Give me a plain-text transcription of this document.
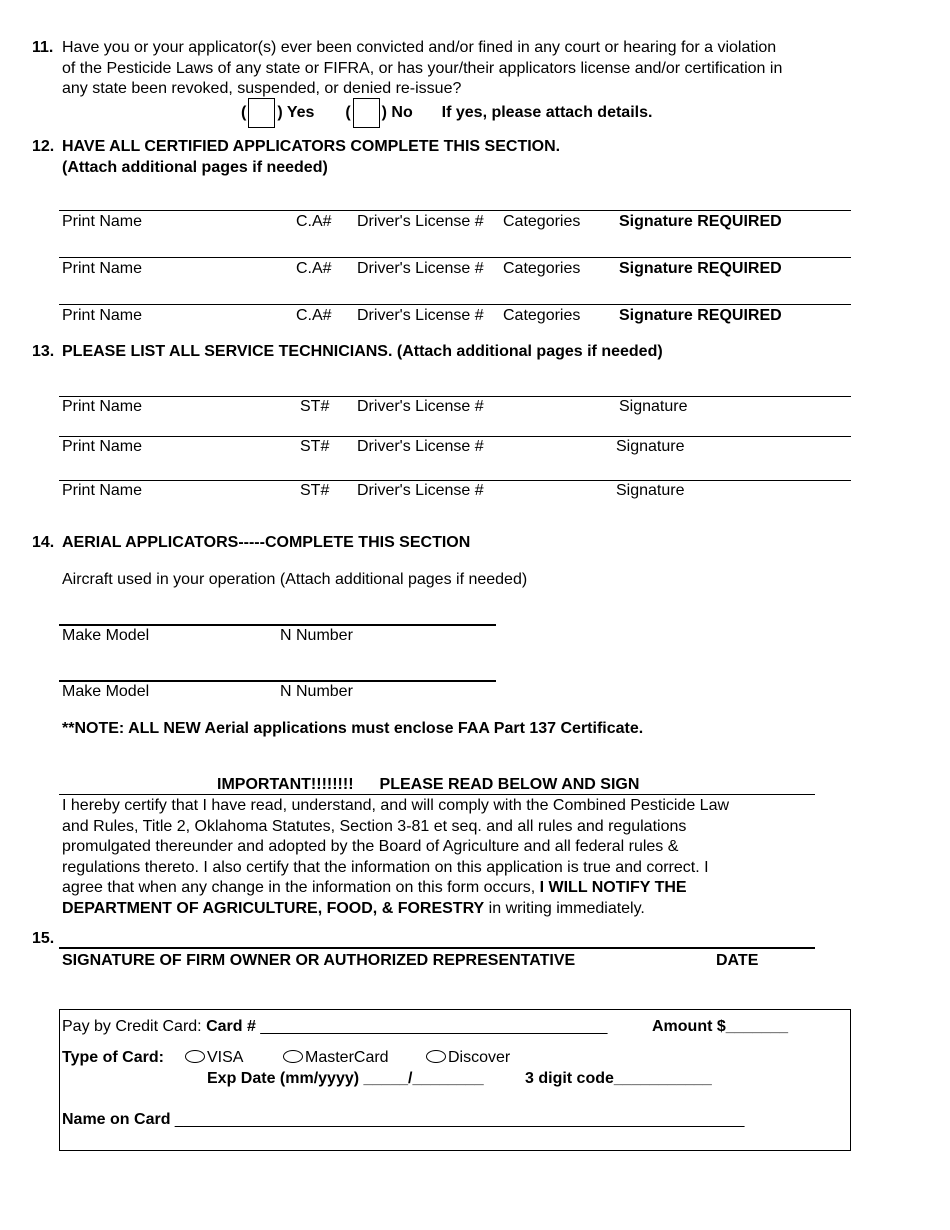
11. Have you or your applicator(s) ever been convicted and/or fined in any court or hearing for a violation
of the Pesticide Laws of any state or FIFRA, or has your/their applicators license and/or certification in
any state been revoked, suspended, or denied re-issue?
( ) Yes ( ) No If yes, please attach details.
12. HAVE ALL CERTIFIED APPLICATORS COMPLETE THIS SECTION.
(Attach additional pages if needed)
Print Name	C.A# Driver's License # Categories Signature REQUIRED
Print Name	C.A# Driver's License # Categories Signature REQUIRED
Print Name	C.A# Driver's License # Categories Signature REQUIRED
13. PLEASE LIST ALL SERVICE TECHNICIANS. (Attach additional pages if needed)
Print Name	ST# Driver's License #	Signature
Print Name	ST# Driver's License #	Signature
Print Name	ST# Driver's License #	Signature
14. AERIAL APPLICATORS-----COMPLETE THIS SECTION
Aircraft used in your operation (Attach additional pages if needed)
Make Model	N Number
Make Model	N Number
**NOTE: ALL NEW Aerial applications must enclose FAA Part 137 Certificate.
IMPORTANT!!!!!!!! PLEASE READ BELOW AND SIGN
I hereby certify that I have read, understand, and will comply with the Combined Pesticide Law
and Rules, Title 2, Oklahoma Statutes, Section 3-81 et seq. and all rules and regulations
promulgated thereunder and adopted by the Board of Agriculture and all federal rules &
regulations thereto. I also certify that the information on this application is true and correct. I
agree that when any change in the information on this form occurs, I WILL NOTIFY THE
DEPARTMENT OF AGRICULTURE, FOOD, & FORESTRY in writing immediately.
15.
SIGNATURE OF FIRM OWNER OR AUTHORIZED REPRESENTATIVE	DATE
Pay by Credit Card: Card # _______________________________________	Amount $_______
Type of Card:	VISA	MasterCard	Discover
Exp Date (mm/yyyy) _____/________	3 digit code___________
Name on Card ________________________________________________________________
